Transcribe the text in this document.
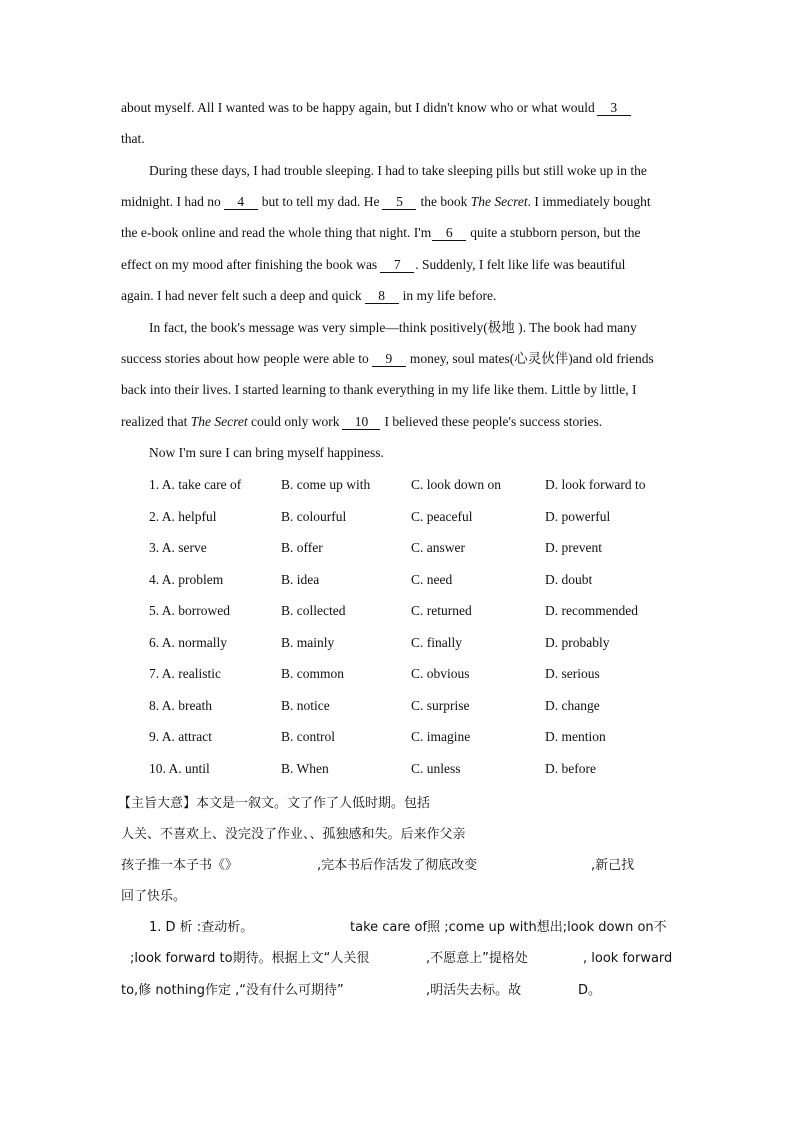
about myself. All I wanted was to be happy again, but I didn't know who or what would 3
that.
During these days, I had trouble sleeping. I had to take sleeping pills but still woke up in the
midnight. I had no 4 but to tell my dad. He 5 the book The Secret. I immediately bought
the e-book online and read the whole thing that night. I'm 6 quite a stubborn person, but the
effect on my mood after finishing the book was 7 . Suddenly, I felt like life was beautiful
again. I had never felt such a deep and quick 8 in my life before.
In fact, the book's message was very simple—think positively(极地 ). The book had many
success stories about how people were able to 9 money, soul mates(心灵伙伴)and old friends
back into their lives. I started learning to thank everything in my life like them. Little by little, I
realized that The Secret could only work 10 I believed these people's success stories.
Now I'm sure I can bring myself happiness.
1. A. take care of	B. come up with	C. look down on	D. look forward to
2. A. helpful	B. colourful	C. peaceful	D. powerful
3. A. serve	B. offer	C. answer	D. prevent
4. A. problem	B. idea	C. need	D. doubt
5. A. borrowed	B. collected	C. returned	D. recommended
6. A. normally	B. mainly	C. finally	D. probably
7. A. realistic	B. common	C. obvious	D. serious
8. A. breath	B. notice	C. surprise	D. change
9. A. attract	B. control	C. imagine	D. mention
10. A. until	B. When	C. unless	D. before
【主旨大意】本文是一叙文。文了作了人低时期。包括
人关、不喜欢上、没完没了作业、、孤独感和失。后来作父亲
孩子推一本子书《》	,完本书后作活发了彻底改变	,新己找
回了快乐。
1. D 析 :查动析。	take care of照 ;come up with想出;look down on不
;look forward to期待。根据上文“人关很	,不愿意上”提格处	, look forward
to,修 nothing作定 ,“没有什么可期待”	,明活失去标。故	D。
